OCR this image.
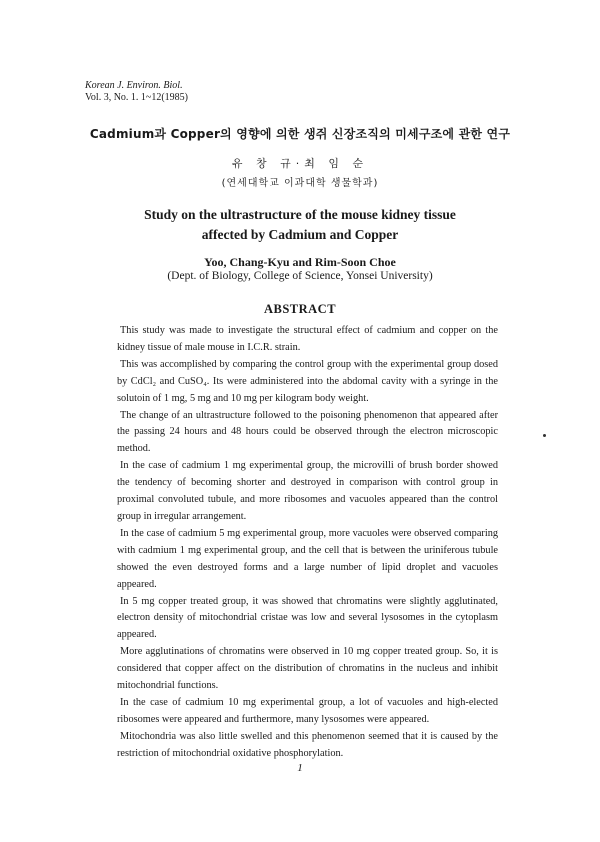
Korean J. Environ. Biol.
Vol. 3, No. 1. 1~12(1985)
Cadmium과 Copper의 영향에 의한 생쥐 신장조직의 미세구조에 관한 연구
유 창 규·최 임 순
(연세대학교 이과대학 생물학과)
Study on the ultrastructure of the mouse kidney tissue
affected by Cadmium and Copper
Yoo, Chang-Kyu and Rim-Soon Choe
(Dept. of Biology, College of Science, Yonsei University)
ABSTRACT

This study was made to investigate the structural effect of cadmium and copper on the kidney tissue of male mouse in I.C.R. strain.

This was accomplished by comparing the control group with the experimental group dosed by CdCl₂ and CuSO₄. Its were administered into the abdomal cavity with a syringe in the solutoin of 1 mg, 5 mg and 10 mg per kilogram body weight.

The change of an ultrastructure followed to the poisoning phenomenon that appeared after the passing 24 hours and 48 hours could be observed through the electron microscopic method.

In the case of cadmium 1 mg experimental group, the microvilli of brush border showed the tendency of becoming shorter and destroyed in comparison with control group in proximal convoluted tubule, and more ribosomes and vacuoles appeared than the control group in irregular arrangement.

In the case of cadmium 5 mg experimental group, more vacuoles were observed comparing with cadmium 1 mg experimental group, and the cell that is between the uriniferous tubule showed the even destroyed forms and a large number of lipid droplet and vacuoles appeared.

In 5 mg copper treated group, it was showed that chromatins were slightly agglutinated, electron density of mitochondrial cristae was low and several lysosomes in the cytoplasm appeared.

More agglutinations of chromatins were observed in 10 mg copper treated group. So, it is considered that copper affect on the distribution of chromatins in the nucleus and inhibit mitochondrial functions.

In the case of cadmium 10 mg experimental group, a lot of vacuoles and high-elected ribosomes were appeared and furthermore, many lysosomes were appeared.

Mitochondria was also little swelled and this phenomenon seemed that it is caused by the restriction of mitochondrial oxidative phosphorylation.

1
